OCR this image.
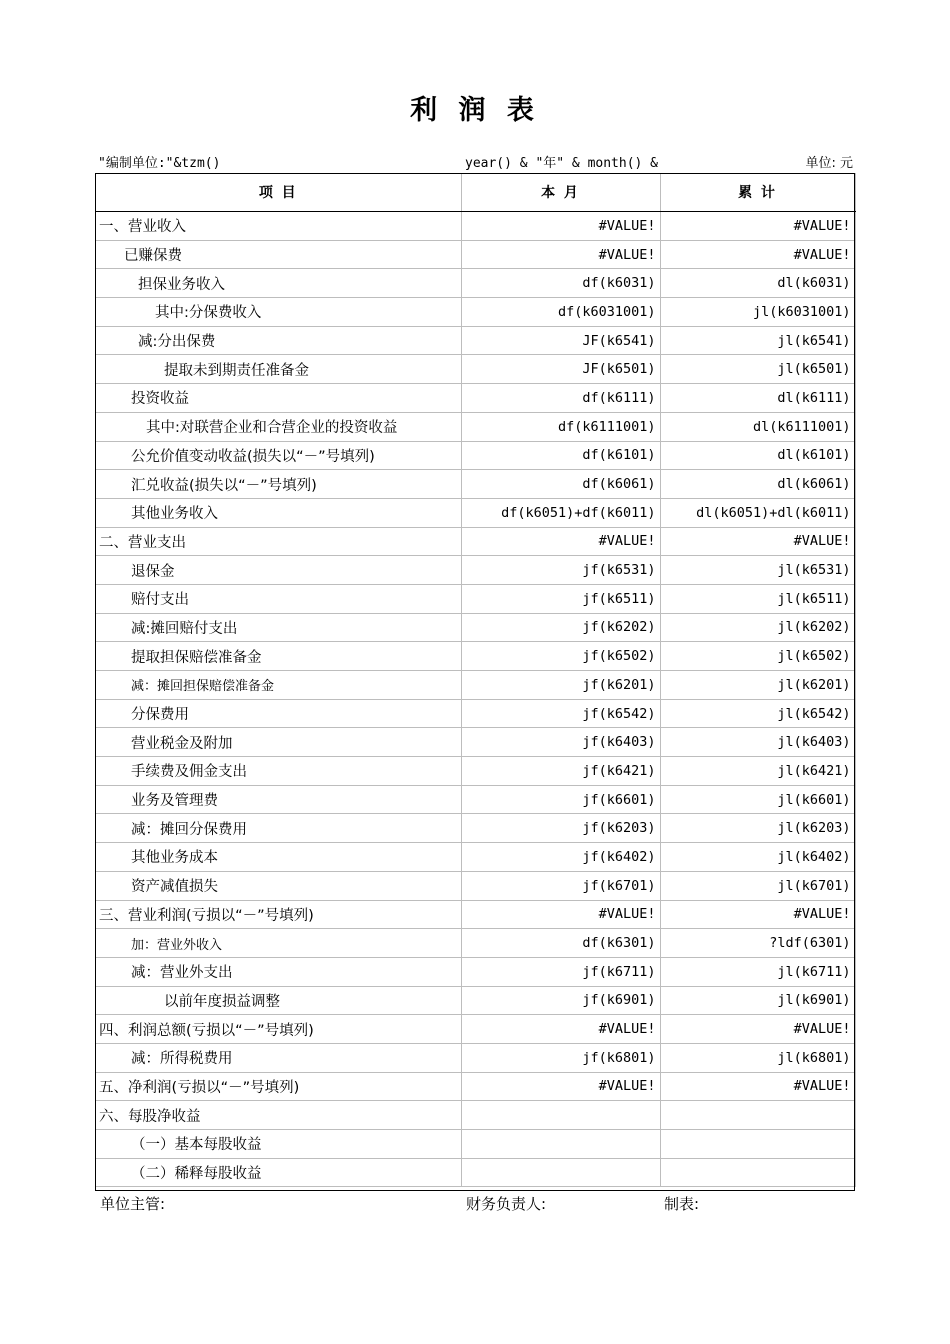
利 润 表
"编制单位:"&tzm()	year() & "年" & month() &	单位: 元
项 目	本 月	累 计
一、营业收入	#VALUE!	#VALUE!
已赚保费	#VALUE!	#VALUE!
担保业务收入	df(k6031)	dl(k6031)
其中:分保费收入	df(k6031001)	jl(k6031001)
减:分出保费	JF(k6541)	jl(k6541)
提取未到期责任准备金	JF(k6501)	jl(k6501)
投资收益	df(k6111)	dl(k6111)
其中:对联营企业和合营企业的投资收益	df(k6111001)	dl(k6111001)
公允价值变动收益(损失以“－”号填列)	df(k6101)	dl(k6101)
汇兑收益(损失以“－”号填列)	df(k6061)	dl(k6061)
其他业务收入	df(k6051)+df(k6011)	dl(k6051)+dl(k6011)
二、营业支出	#VALUE!	#VALUE!
退保金	jf(k6531)	jl(k6531)
赔付支出	jf(k6511)	jl(k6511)
减:摊回赔付支出	jf(k6202)	jl(k6202)
提取担保赔偿准备金	jf(k6502)	jl(k6502)
减：摊回担保赔偿准备金	jf(k6201)	jl(k6201)
分保费用	jf(k6542)	jl(k6542)
营业税金及附加	jf(k6403)	jl(k6403)
手续费及佣金支出	jf(k6421)	jl(k6421)
业务及管理费	jf(k6601)	jl(k6601)
减：摊回分保费用	jf(k6203)	jl(k6203)
其他业务成本	jf(k6402)	jl(k6402)
资产减值损失	jf(k6701)	jl(k6701)
三、营业利润(亏损以“－”号填列)	#VALUE!	#VALUE!
加：营业外收入	df(k6301)	?ldf(6301)
减：营业外支出	jf(k6711)	jl(k6711)
以前年度损益调整	jf(k6901)	jl(k6901)
四、利润总额(亏损以“－”号填列)	#VALUE!	#VALUE!
减：所得税费用	jf(k6801)	jl(k6801)
五、净利润(亏损以“－”号填列)	#VALUE!	#VALUE!
六、每股净收益		
（一）基本每股收益		
（二）稀释每股收益		
单位主管:	财务负责人:	制表:
